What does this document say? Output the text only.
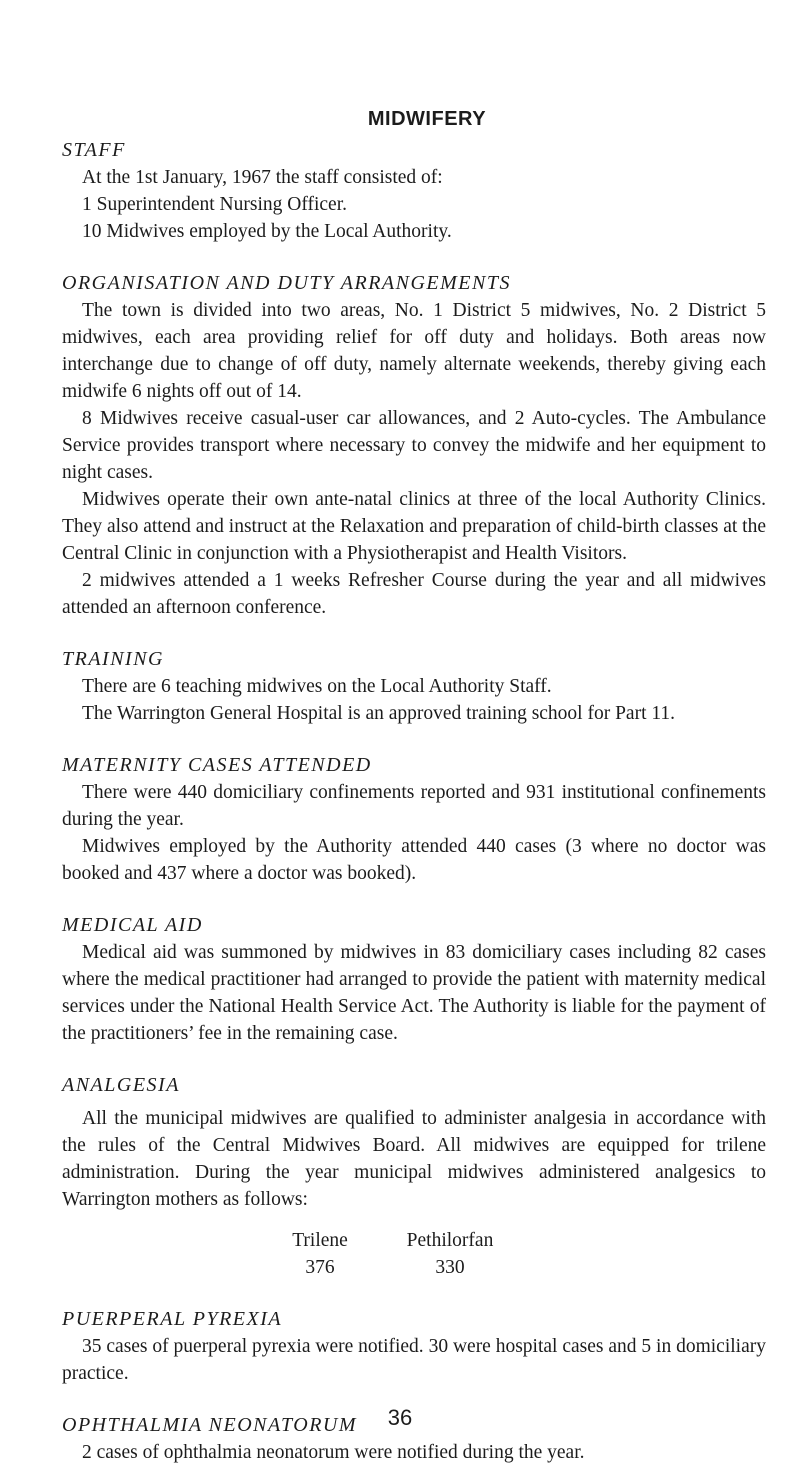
MIDWIFERY
STAFF

At the 1st January, 1967 the staff consisted of:

1 Superintendent Nursing Officer.

10 Midwives employed by the Local Authority.

ORGANISATION AND DUTY ARRANGEMENTS

The town is divided into two areas, No. 1 District 5 midwives, No. 2 District 5 midwives, each area providing relief for off duty and holidays. Both areas now interchange due to change of off duty, namely alternate weekends, thereby giving each midwife 6 nights off out of 14.

8 Midwives receive casual-user car allowances, and 2 Auto-cycles. The Ambulance Service provides transport where necessary to convey the midwife and her equipment to night cases.

Midwives operate their own ante-natal clinics at three of the local Authority Clinics. They also attend and instruct at the Relaxation and preparation of child-birth classes at the Central Clinic in conjunction with a Physiotherapist and Health Visitors.

2 midwives attended a 1 weeks Refresher Course during the year and all midwives attended an afternoon conference.

TRAINING

There are 6 teaching midwives on the Local Authority Staff.

The Warrington General Hospital is an approved training school for Part 11.

MATERNITY CASES ATTENDED

There were 440 domiciliary confinements reported and 931 institutional confinements during the year.

Midwives employed by the Authority attended 440 cases (3 where no doctor was booked and 437 where a doctor was booked).

MEDICAL AID

Medical aid was summoned by midwives in 83 domiciliary cases including 82 cases where the medical practitioner had arranged to provide the patient with maternity medical services under the National Health Service Act. The Authority is liable for the payment of the practitioners’ fee in the remaining case.

ANALGESIA

All the municipal midwives are qualified to administer analgesia in accordance with the rules of the Central Midwives Board. All midwives are equipped for trilene administration. During the year municipal midwives administered analgesics to Warrington mothers as follows:

Trilene
376
Pethilorfan
330
PUERPERAL PYREXIA

35 cases of puerperal pyrexia were notified. 30 were hospital cases and 5 in domiciliary practice.

OPHTHALMIA NEONATORUM

2 cases of ophthalmia neonatorum were notified during the year.

36
